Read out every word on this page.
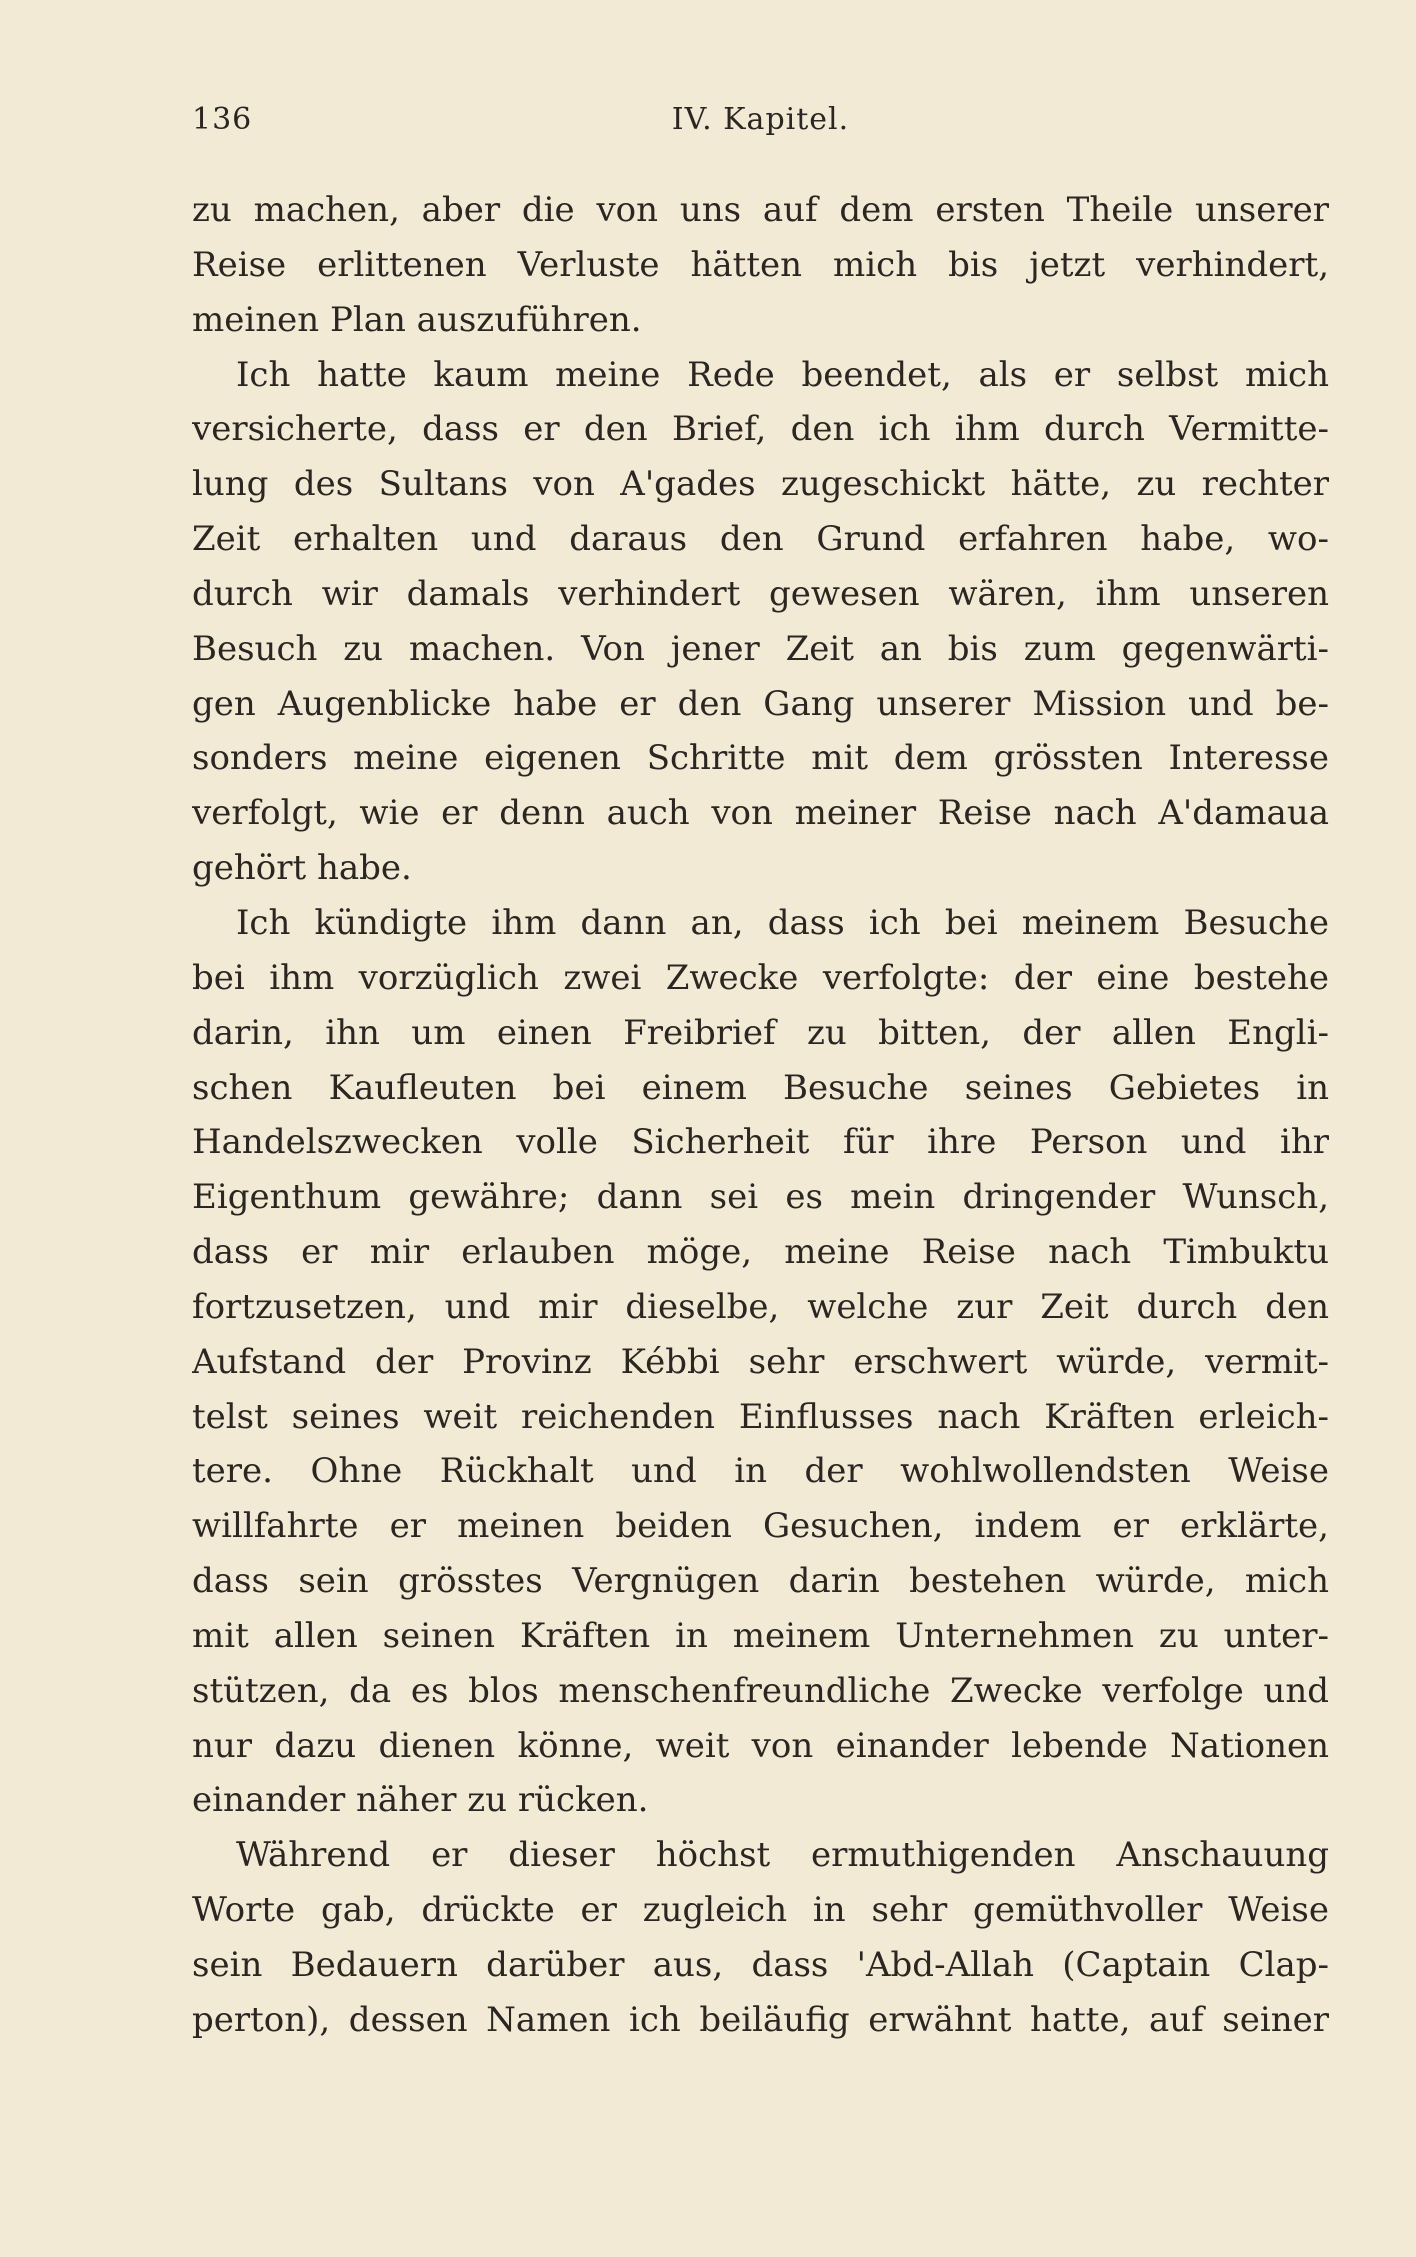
136	IV. Kapitel.
zu machen, aber die von uns auf dem ersten Theile unserer
Reise erlittenen Verluste hätten mich bis jetzt verhindert,
meinen Plan auszuführen.
Ich hatte kaum meine Rede beendet, als er selbst mich
versicherte, dass er den Brief, den ich ihm durch Vermitte-
lung des Sultans von A'gades zugeschickt hätte, zu rechter
Zeit erhalten und daraus den Grund erfahren habe, wo-
durch wir damals verhindert gewesen wären, ihm unseren
Besuch zu machen. Von jener Zeit an bis zum gegenwärti-
gen Augenblicke habe er den Gang unserer Mission und be-
sonders meine eigenen Schritte mit dem grössten Interesse
verfolgt, wie er denn auch von meiner Reise nach A'damaua
gehört habe.
Ich kündigte ihm dann an, dass ich bei meinem Besuche
bei ihm vorzüglich zwei Zwecke verfolgte: der eine bestehe
darin, ihn um einen Freibrief zu bitten, der allen Engli-
schen Kaufleuten bei einem Besuche seines Gebietes in
Handelszwecken volle Sicherheit für ihre Person und ihr
Eigenthum gewähre; dann sei es mein dringender Wunsch,
dass er mir erlauben möge, meine Reise nach Timbuktu
fortzusetzen, und mir dieselbe, welche zur Zeit durch den
Aufstand der Provinz Kébbi sehr erschwert würde, vermit-
telst seines weit reichenden Einflusses nach Kräften erleich-
tere. Ohne Rückhalt und in der wohlwollendsten Weise
willfahrte er meinen beiden Gesuchen, indem er erklärte,
dass sein grösstes Vergnügen darin bestehen würde, mich
mit allen seinen Kräften in meinem Unternehmen zu unter-
stützen, da es blos menschenfreundliche Zwecke verfolge und
nur dazu dienen könne, weit von einander lebende Nationen
einander näher zu rücken.
Während er dieser höchst ermuthigenden Anschauung
Worte gab, drückte er zugleich in sehr gemüthvoller Weise
sein Bedauern darüber aus, dass 'Abd-Allah (Captain Clap-
perton), dessen Namen ich beiläufig erwähnt hatte, auf seiner
